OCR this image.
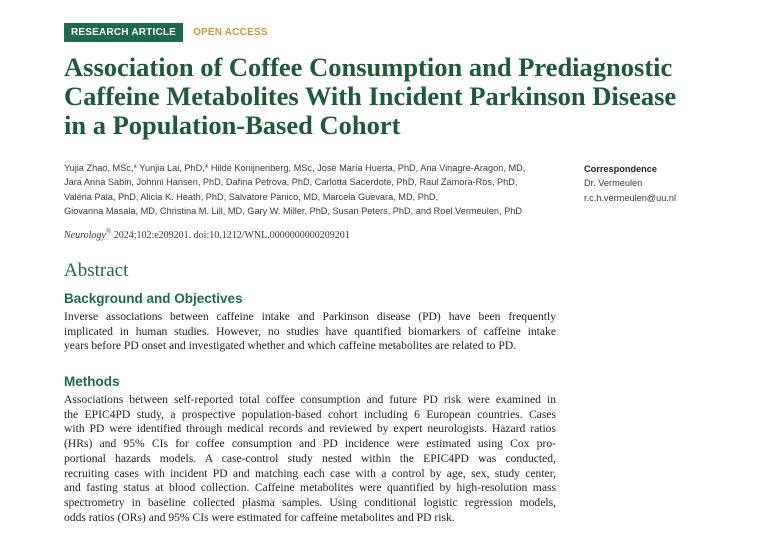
RESEARCH ARTICLE	OPEN ACCESS
Association of Coffee Consumption and Prediagnostic
Caffeine Metabolites With Incident Parkinson Disease
in a Population-Based Cohort
Yujia Zhao, MSc,* Yunjia Lai, PhD,* Hilde Konijnenberg, MSc, José María Huerta, PhD, Ana Vinagre-Aragon, MD,
Jara Anna Sabin, Johnni Hansen, PhD, Dafina Petrova, PhD, Carlotta Sacerdote, PhD, Raul Zamora-Ros, PhD,
Valeria Pala, PhD, Alicia K. Heath, PhD, Salvatore Panico, MD, Marcela Guevara, MD, PhD,
Giovanna Masala, MD, Christina M. Lill, MD, Gary W. Miller, PhD, Susan Peters, PhD, and Roel Vermeulen, PhD
Correspondence
Dr. Vermeulen
r.c.h.vermeulen@uu.nl
Neurology® 2024;102:e209201. doi:10.1212/WNL.0000000000209201
Abstract
Background and Objectives
Inverse associations between caffeine intake and Parkinson disease (PD) have been frequently
implicated in human studies. However, no studies have quantified biomarkers of caffeine intake
years before PD onset and investigated whether and which caffeine metabolites are related to PD.
Methods
Associations between self-reported total coffee consumption and future PD risk were examined in
the EPIC4PD study, a prospective population-based cohort including 6 European countries. Cases
with PD were identified through medical records and reviewed by expert neurologists. Hazard ratios
(HRs) and 95% CIs for coffee consumption and PD incidence were estimated using Cox pro-
portional hazards models. A case-control study nested within the EPIC4PD was conducted,
recruiting cases with incident PD and matching each case with a control by age, sex, study center,
and fasting status at blood collection. Caffeine metabolites were quantified by high-resolution mass
spectrometry in baseline collected plasma samples. Using conditional logistic regression models,
odds ratios (ORs) and 95% CIs were estimated for caffeine metabolites and PD risk.
